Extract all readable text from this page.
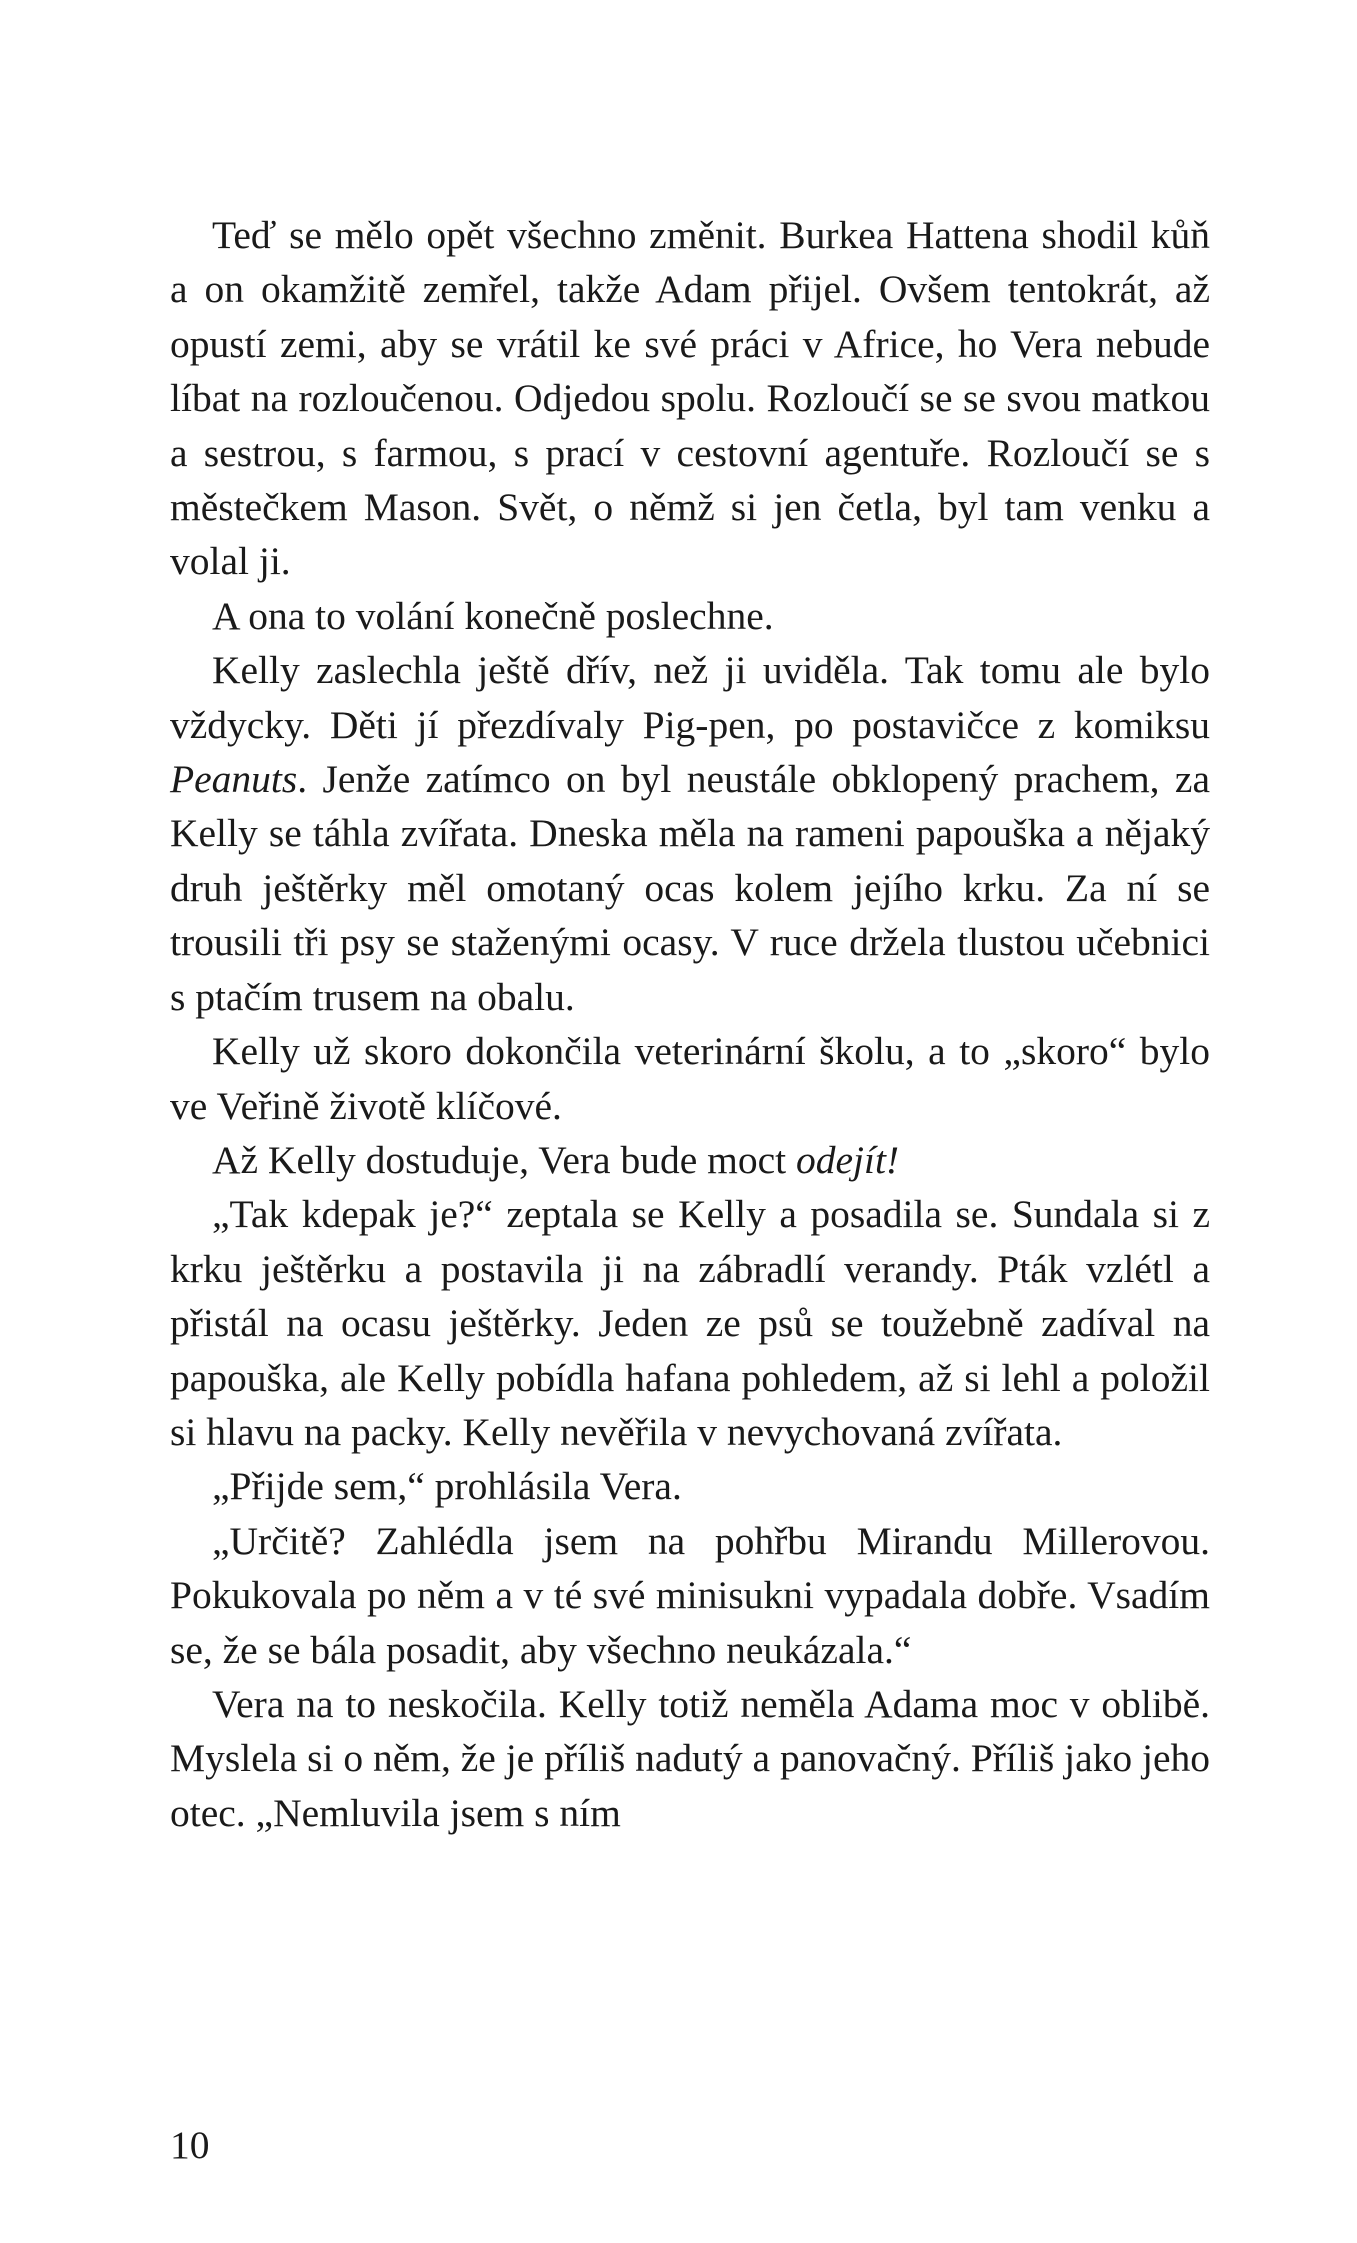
Teď se mělo opět všechno změnit. Burkea Hattena shodil kůň a on okamžitě zemřel, takže Adam přijel. Ovšem tentokrát, až opustí zemi, aby se vrátil ke své práci v Africe, ho Vera nebude líbat na rozloučenou. Odjedou spolu. Rozloučí se se svou matkou a sestrou, s farmou, s prací v cestovní agentuře. Rozloučí se s městečkem Mason. Svět, o němž si jen četla, byl tam venku a volal ji.

A ona to volání konečně poslechne.

Kelly zaslechla ještě dřív, než ji uviděla. Tak tomu ale bylo vždycky. Děti jí přezdívaly Pig-pen, po postavičce z komiksu Peanuts. Jenže zatímco on byl neustále obklopený prachem, za Kelly se táhla zvířata. Dneska měla na rameni papouška a nějaký druh ještěrky měl omotaný ocas kolem jejího krku. Za ní se trousili tři psy se staženými ocasy. V ruce držela tlustou učebnici s ptačím trusem na obalu.

Kelly už skoro dokončila veterinární školu, a to „skoro“ bylo ve Veřině životě klíčové.

Až Kelly dostuduje, Vera bude moct odejít!

„Tak kdepak je?“ zeptala se Kelly a posadila se. Sundala si z krku ještěrku a postavila ji na zábradlí verandy. Pták vzlétl a přistál na ocasu ještěrky. Jeden ze psů se toužebně zadíval na papouška, ale Kelly pobídla hafana pohledem, až si lehl a položil si hlavu na packy. Kelly nevěřila v nevychovaná zvířata.

„Přijde sem,“ prohlásila Vera.

„Určitě? Zahlédla jsem na pohřbu Mirandu Millerovou. Pokukovala po něm a v té své minisukni vypadala dobře. Vsadím se, že se bála posadit, aby všechno neukázala.“

Vera na to neskočila. Kelly totiž neměla Adama moc v oblibě. Myslela si o něm, že je příliš nadutý a panovačný. Příliš jako jeho otec. „Nemluvila jsem s ním

10
